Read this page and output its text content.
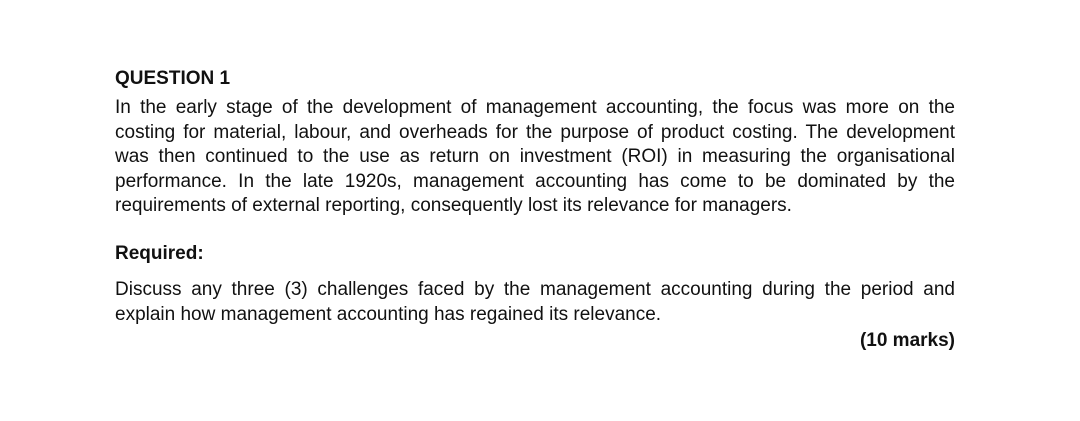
QUESTION 1

In the early stage of the development of management accounting, the focus was more on the costing for material, labour, and overheads for the purpose of product costing. The development was then continued to the use as return on investment (ROI) in measuring the organisational performance. In the late 1920s, management accounting has come to be dominated by the requirements of external reporting, consequently lost its relevance for managers.

Required:

Discuss any three (3) challenges faced by the management accounting during the period and explain how management accounting has regained its relevance.

(10 marks)
